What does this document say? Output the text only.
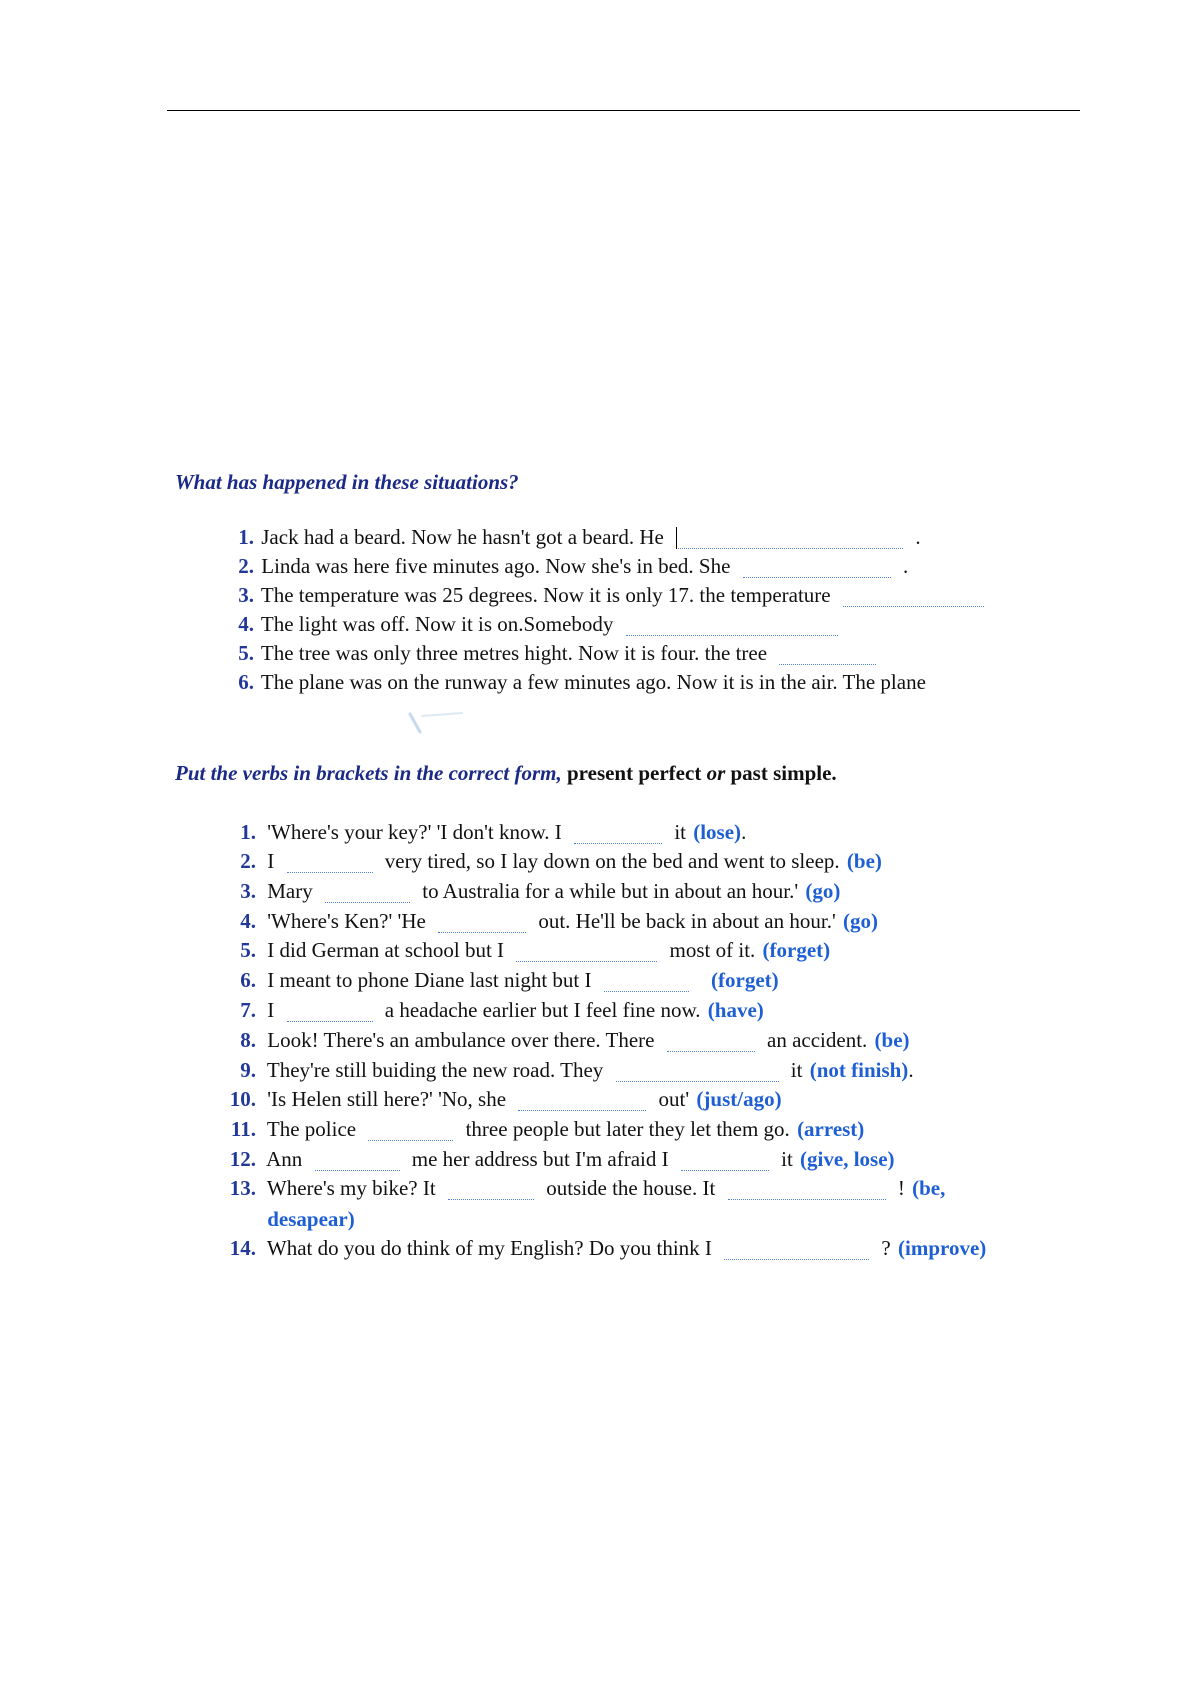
What has happened in these situations?
1. Jack had a beard. Now he hasn't got a beard. He	.
2. Linda was here five minutes ago. Now she's in bed. She	.
3. The temperature was 25 degrees. Now it is only 17. the temperature
4. The light was off. Now it is on.Somebody
5. The tree was only three metres hight. Now it is four. the tree
6. The plane was on the runway a few minutes ago. Now it is in the air. The plane
Put the verbs in brackets in the correct form, present perfect or past simple.
1. 'Where's your key?' 'I don't know. I	it (lose).
2. I	very tired, so I lay down on the bed and went to sleep. (be)
3. Mary	to Australia for a while but in about an hour.' (go)
4. 'Where's Ken?' 'He	out. He'll be back in about an hour.' (go)
5. I did German at school but I	most of it. (forget)
6. I meant to phone Diane last night but I	(forget)
7. I	a headache earlier but I feel fine now. (have)
8. Look! There's an ambulance over there. There	an accident. (be)
9. They're still buiding the new road. They	it (not finish).
10. 'Is Helen still here?' 'No, she	out' (just/ago)
11. The police	three people but later they let them go. (arrest)
12. Ann	me her address but I'm afraid I	it (give, lose)
13. Where's my bike? It	outside the house. It	! (be,
desapear)
14. What do you do think of my English? Do you think I	? (improve)
